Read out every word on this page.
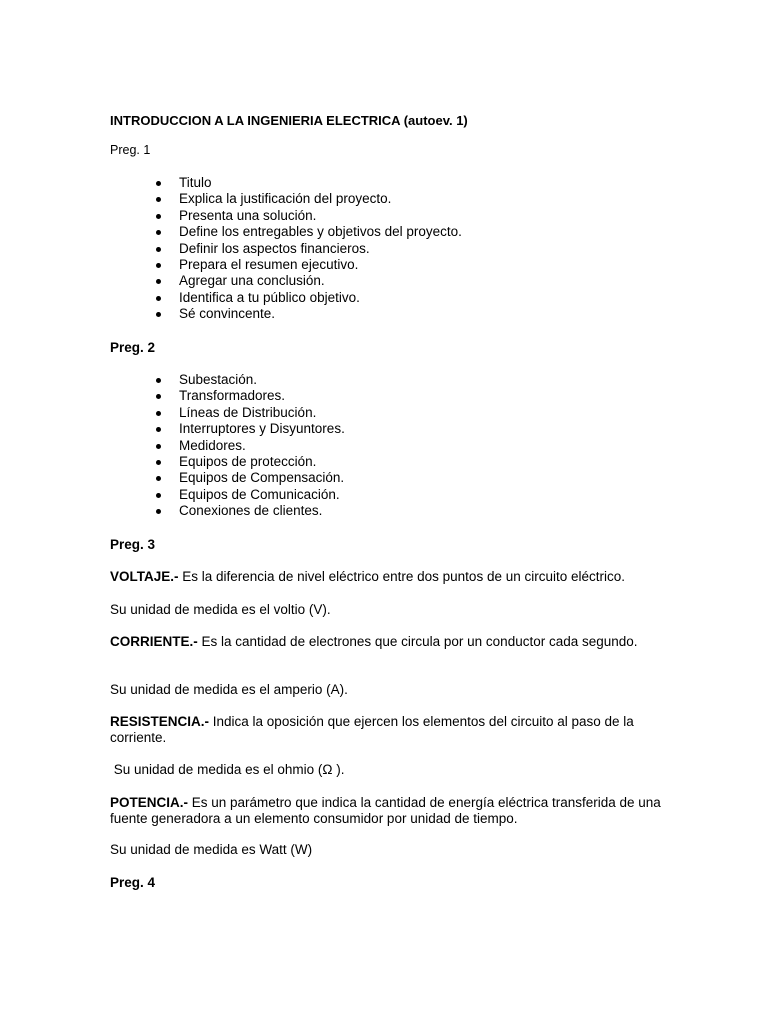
INTRODUCCION A LA INGENIERIA ELECTRICA (autoev. 1)

Preg. 1

Titulo
Explica la justificación del proyecto.
Presenta una solución.
Define los entregables y objetivos del proyecto.
Definir los aspectos financieros.
Prepara el resumen ejecutivo.
Agregar una conclusión.
Identifica a tu público objetivo.
Sé convincente.

Preg. 2

Subestación.
Transformadores.
Líneas de Distribución.
Interruptores y Disyuntores.
Medidores.
Equipos de protección.
Equipos de Compensación.
Equipos de Comunicación.
Conexiones de clientes.

Preg. 3

VOLTAJE.- Es la diferencia de nivel eléctrico entre dos puntos de un circuito eléctrico.

Su unidad de medida es el voltio (V).

CORRIENTE.- Es la cantidad de electrones que circula por un conductor cada segundo.

Su unidad de medida es el amperio (A).

RESISTENCIA.- Indica la oposición que ejercen los elementos del circuito al paso de la corriente.

Su unidad de medida es el ohmio (Ω ).

POTENCIA.- Es un parámetro que indica la cantidad de energía eléctrica transferida de una fuente generadora a un elemento consumidor por unidad de tiempo.

Su unidad de medida es Watt (W)

Preg. 4
